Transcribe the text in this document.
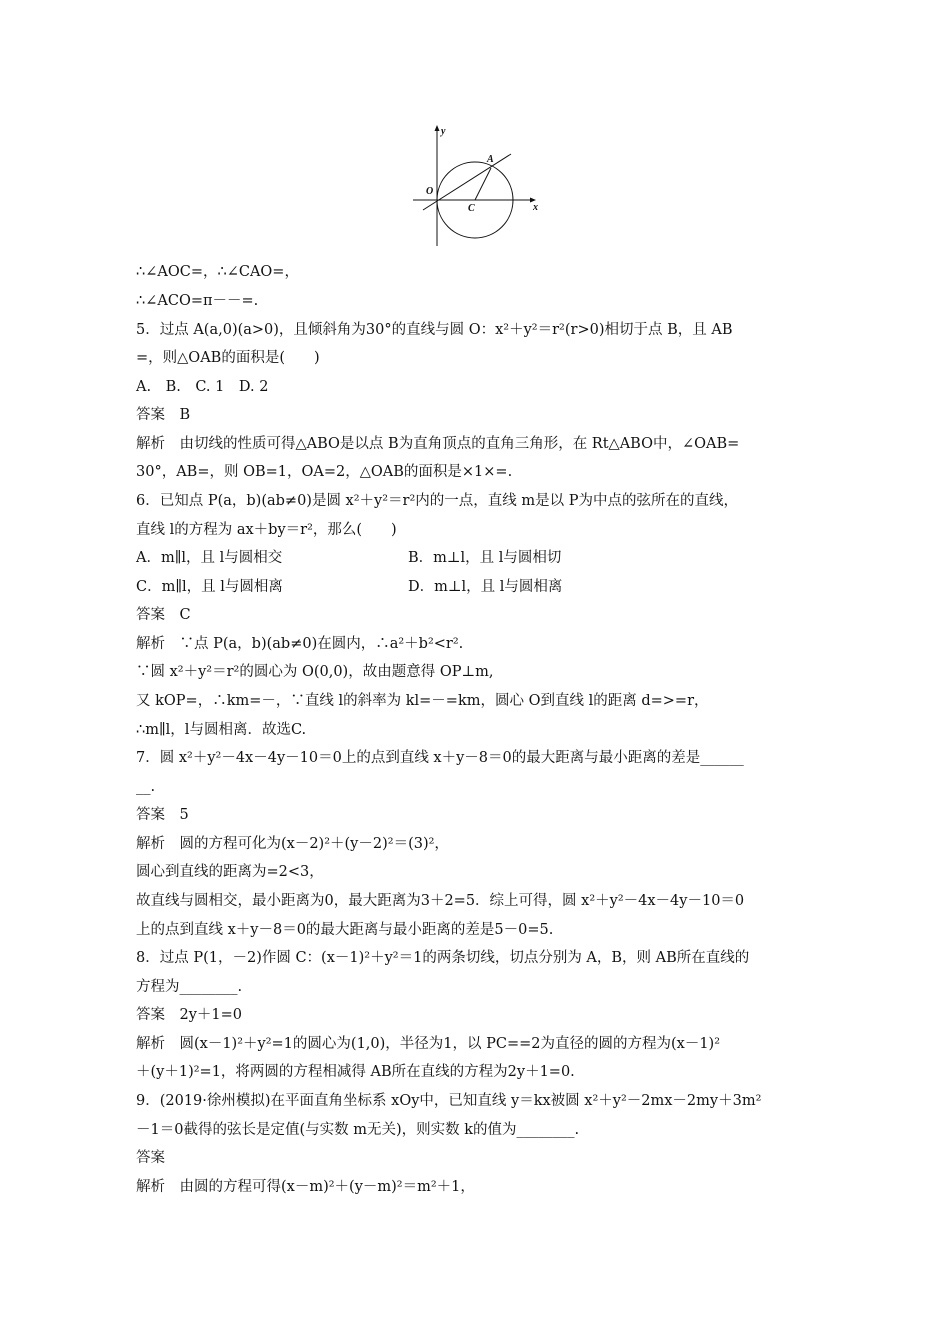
y
x
O
A
C
∴∠AOC=，∴∠CAO=，
∴∠ACO=π－－=.
5．过点 A(a,0)(a>0)，且倾斜角为30°的直线与圆 O：x²＋y²＝r²(r>0)相切于点 B，且 AB
=，则△OAB的面积是(　　)
A.　B.　C. 1　D. 2
答案　B
解析　由切线的性质可得△ABO是以点 B为直角顶点的直角三角形，在 Rt△ABO中，∠OAB=
30°，AB=，则 OB=1，OA=2，△OAB的面积是×1×=.
6．已知点 P(a，b)(ab≠0)是圆 x²＋y²＝r²内的一点，直线 m是以 P为中点的弦所在的直线，
直线 l的方程为 ax＋by＝r²，那么(　　)
A．m∥l，且 l与圆相交	B．m⊥l，且 l与圆相切
C．m∥l，且 l与圆相离	D．m⊥l，且 l与圆相离
答案　C
解析　∵点 P(a，b)(ab≠0)在圆内，∴a²＋b²<r².
∵圆 x²＋y²＝r²的圆心为 O(0,0)，故由题意得 OP⊥m,
又 kOP=，∴km=－，∵直线 l的斜率为 kl=－=km，圆心 O到直线 l的距离 d=>=r，
∴m∥l，l与圆相离．故选C.
7．圆 x²＋y²－4x－4y－10＝0上的点到直线 x＋y－8＝0的最大距离与最小距离的差是______
__.
答案　5
解析　圆的方程可化为(x－2)²＋(y－2)²＝(3)²，
圆心到直线的距离为=2<3，
故直线与圆相交，最小距离为0，最大距离为3＋2=5．综上可得，圆 x²＋y²－4x－4y－10＝0
上的点到直线 x＋y－8＝0的最大距离与最小距离的差是5－0=5.
8．过点 P(1，－2)作圆 C：(x－1)²＋y²＝1的两条切线，切点分别为 A，B，则 AB所在直线的
方程为________.
答案　2y＋1=0
解析　圆(x－1)²＋y²=1的圆心为(1,0)，半径为1，以 PC==2为直径的圆的方程为(x－1)²
＋(y＋1)²=1，将两圆的方程相减得 AB所在直线的方程为2y＋1=0.
9．(2019·徐州模拟)在平面直角坐标系 xOy中，已知直线 y＝kx被圆 x²＋y²－2mx－2my＋3m²
－1＝0截得的弦长是定值(与实数 m无关)，则实数 k的值为________.
答案
解析　由圆的方程可得(x－m)²＋(y－m)²＝m²＋1，
